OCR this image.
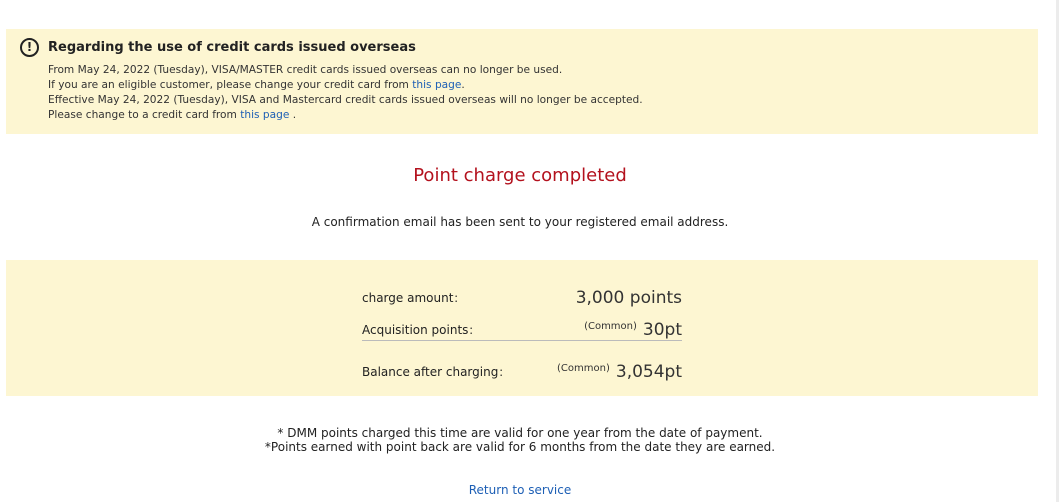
!	Regarding the use of credit cards issued overseas
From May 24, 2022 (Tuesday), VISA/MASTER credit cards issued overseas can no longer be used.
If you are an eligible customer, please change your credit card from this page.
Effective May 24, 2022 (Tuesday), VISA and Mastercard credit cards issued overseas will no longer be accepted.
Please change to a credit card from this page .
Point charge completed
A confirmation email has been sent to your registered email address.
charge amount：	3,000 points
Acquisition points：	$^{(Common)}$ 30pt
Balance after charging：	$^{(Common)}$ 3,054pt
* DMM points charged this time are valid for one year from the date of payment.
*Points earned with point back are valid for 6 months from the date they are earned.
Return to service
